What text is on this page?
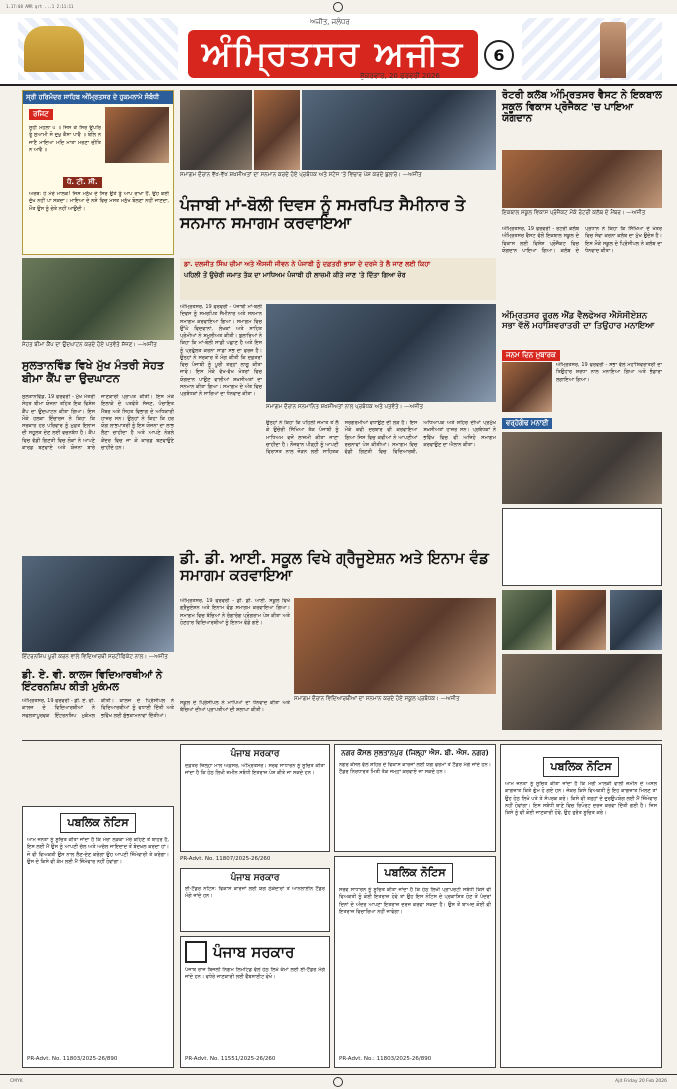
1.17:08 AMR qrt ...1 2:11:11
ਅਜੀਤ, ਜਲੰਧਰ
ਅੰਮ੍ਰਿਤਸਰ ਅਜੀਤ
ਸ਼ੁੱਕਰਵਾਰ, 20 ਫਰਵਰੀ 2026
6
ਸ੍ਰੀ ਹਰਿਮੰਦਰ ਸਾਹਿਬ ਅੰਮ੍ਰਿਤਸਰ ਦੇ ਹੁਕਮਨਾਮੇ ਸੰਬੰਧੀ
ਰਜਿਟ
ਸੂਹੀ ਮਹਲਾ ੫ ॥ ਜਿਸ ਕੇ ਸਿਰ ਊਪਰਿ ਤੂੰ ਸੁਆਮੀ ਸੋ ਦੁਖੁ ਕੈਸਾ ਪਾਵੈ ॥ ਬੋਲਿ ਨ ਜਾਣੈ ਮਾਇਆ ਮਦਿ ਮਾਤਾ ਮਰਣਾ ਚੀਤਿ ਨ ਆਵੈ ॥
ਧੋ. ਟੀ. ਸੀ.
ਅਰਥ: ਹੇ ਮੇਰੇ ਮਾਲਕ! ਜਿਸ ਮਨੁੱਖ ਦੇ ਸਿਰ ਉਤੇ ਤੂੰ ਆਪ ਰਾਖਾ ਹੈਂ, ਉਹ ਕੋਈ ਦੁੱਖ ਨਹੀਂ ਪਾ ਸਕਦਾ। ਮਾਇਆ ਦੇ ਨਸ਼ੇ ਵਿਚ ਮਸਤ ਮਨੁੱਖ ਬੋਲਣਾ ਨਹੀਂ ਜਾਣਦਾ, ਮੌਤ ਉਸ ਨੂੰ ਚੇਤੇ ਨਹੀਂ ਆਉਂਦੀ।
ਸੇਹਤ ਬੀਮਾ ਕੈਂਪ ਦਾ ਉਦਘਾਟਨ ਕਰਦੇ ਹੋਏ ਪਤਵੰਤੇ ਸੱਜਣ। —ਅਜੀਤ
ਸੁਲਤਾਨਵਿੰਡ ਵਿਖੇ ਮੁੱਖ ਮੰਤਰੀ ਸੇਹਤ ਬੀਮਾ ਕੈਂਪ ਦਾ ਉਦਘਾਟਨ
ਸੁਲਤਾਨਵਿੰਡ, 19 ਫਰਵਰੀ - ਮੁੱਖ ਮੰਤਰੀ ਸੇਹਤ ਬੀਮਾ ਯੋਜਨਾ ਤਹਿਤ ਇਕ ਵਿਸ਼ੇਸ਼ ਕੈਂਪ ਦਾ ਉਦਘਾਟਨ ਕੀਤਾ ਗਿਆ। ਇਸ ਮੌਕੇ ਹਲਕਾ ਇੰਚਾਰਜ ਨੇ ਕਿਹਾ ਕਿ ਸਰਕਾਰ ਹਰ ਪਰਿਵਾਰ ਨੂੰ ਮੁਫ਼ਤ ਇਲਾਜ ਦੀ ਸਹੂਲਤ ਦੇਣ ਲਈ ਵਚਨਬੱਧ ਹੈ। ਕੈਂਪ ਵਿਚ ਵੱਡੀ ਗਿਣਤੀ ਵਿਚ ਲੋਕਾਂ ਨੇ ਆਪਣੇ ਕਾਰਡ ਬਣਵਾਏ ਅਤੇ ਯੋਜਨਾ ਬਾਰੇ ਜਾਣਕਾਰੀ ਪ੍ਰਾਪਤ ਕੀਤੀ। ਇਸ ਮੌਕੇ ਇਲਾਕੇ ਦੇ ਪਤਵੰਤੇ ਸੱਜਣ, ਪੰਚਾਇਤ ਮੈਂਬਰ ਅਤੇ ਸਿਹਤ ਵਿਭਾਗ ਦੇ ਅਧਿਕਾਰੀ ਹਾਜ਼ਰ ਸਨ। ਉਨ੍ਹਾਂ ਨੇ ਕਿਹਾ ਕਿ ਹਰ ਯੋਗ ਲਾਭਪਾਤਰੀ ਨੂੰ ਇਸ ਯੋਜਨਾ ਦਾ ਲਾਭ ਲੈਣਾ ਚਾਹੀਦਾ ਹੈ ਅਤੇ ਆਪਣੇ ਨੇੜਲੇ ਕੇਂਦਰ ਵਿਚ ਜਾ ਕੇ ਕਾਰਡ ਬਣਵਾਉਣੇ ਚਾਹੀਦੇ ਹਨ।
ਸਮਾਗਮ ਦੌਰਾਨ ਵੱਖ-ਵੱਖ ਸ਼ਖ਼ਸੀਅਤਾਂ ਦਾ ਸਨਮਾਨ ਕਰਦੇ ਹੋਏ ਪ੍ਰਬੰਧਕ ਅਤੇ ਸਟੇਜ 'ਤੇ ਵਿਚਾਰ ਪੇਸ਼ ਕਰਦੇ ਬੁਲਾਰੇ। —ਅਜੀਤ
ਪੰਜਾਬੀ ਮਾਂ-ਬੋਲੀ ਦਿਵਸ ਨੂੰ ਸਮਰਪਿਤ ਸੈਮੀਨਾਰ ਤੇ ਸਨਮਾਨ ਸਮਾਗਮ ਕਰਵਾਇਆ
ਡਾ. ਦਲਜੀਤ ਸਿੰਘ ਚੀਮਾ ਅਤੇ ਐਸਜੀ ਜੀਵਨ ਨੇ ਪੰਜਾਬੀ ਨੂੰ ਦਫ਼ਤਰੀ ਭਾਸ਼ਾ ਦੇ ਦਰਜੇ ਤੇ ਲੈ ਜਾਣ ਲਈ ਕਿਹਾ
ਪਹਿਲੀ ਤੋਂ ਉਚੇਰੀ ਜਮਾਤ ਤੱਕ ਦਾ ਮਾਧਿਅਮ ਪੰਜਾਬੀ ਹੀ ਲਾਜ਼ਮੀ ਕੀਤੇ ਜਾਣ 'ਤੇ ਦਿੱਤਾ ਗਿਆ ਜ਼ੋਰ
ਅੰਮ੍ਰਿਤਸਰ, 19 ਫਰਵਰੀ - ਪੰਜਾਬੀ ਮਾਂ-ਬੋਲੀ ਦਿਵਸ ਨੂੰ ਸਮਰਪਿਤ ਸੈਮੀਨਾਰ ਅਤੇ ਸਨਮਾਨ ਸਮਾਗਮ ਕਰਵਾਇਆ ਗਿਆ। ਸਮਾਗਮ ਵਿਚ ਉੱਘੇ ਵਿਦਵਾਨਾਂ, ਲੇਖਕਾਂ ਅਤੇ ਸਾਹਿਤ ਪ੍ਰੇਮੀਆਂ ਨੇ ਸ਼ਮੂਲੀਅਤ ਕੀਤੀ। ਬੁਲਾਰਿਆਂ ਨੇ ਕਿਹਾ ਕਿ ਮਾਂ-ਬੋਲੀ ਸਾਡੀ ਪਛਾਣ ਹੈ ਅਤੇ ਇਸ ਨੂੰ ਪ੍ਰਫੁੱਲਤ ਕਰਨਾ ਸਾਡਾ ਸਭ ਦਾ ਫਰਜ਼ ਹੈ। ਉਨ੍ਹਾਂ ਨੇ ਸਰਕਾਰ ਤੋਂ ਮੰਗ ਕੀਤੀ ਕਿ ਦਫ਼ਤਰਾਂ ਵਿਚ ਪੰਜਾਬੀ ਨੂੰ ਪੂਰੀ ਤਰ੍ਹਾਂ ਲਾਗੂ ਕੀਤਾ ਜਾਵੇ। ਇਸ ਮੌਕੇ ਵੱਖ-ਵੱਖ ਖੇਤਰਾਂ ਵਿਚ ਯੋਗਦਾਨ ਪਾਉਣ ਵਾਲੀਆਂ ਸ਼ਖ਼ਸੀਅਤਾਂ ਦਾ ਸਨਮਾਨ ਕੀਤਾ ਗਿਆ। ਸਮਾਗਮ ਦੇ ਅੰਤ ਵਿਚ ਪ੍ਰਬੰਧਕਾਂ ਨੇ ਸਾਰਿਆਂ ਦਾ ਧੰਨਵਾਦ ਕੀਤਾ।
ਸਮਾਗਮ ਦੌਰਾਨ ਸਨਮਾਨਿਤ ਸ਼ਖ਼ਸੀਅਤਾਂ ਨਾਲ ਪ੍ਰਬੰਧਕ ਅਤੇ ਪਤਵੰਤੇ। —ਅਜੀਤ
ਉਨ੍ਹਾਂ ਨੇ ਕਿਹਾ ਕਿ ਪਹਿਲੀ ਜਮਾਤ ਤੋਂ ਲੈ ਕੇ ਉਚੇਰੀ ਸਿੱਖਿਆ ਤੱਕ ਪੰਜਾਬੀ ਨੂੰ ਮਾਧਿਅਮ ਵਜੋਂ ਲਾਜ਼ਮੀ ਕੀਤਾ ਜਾਣਾ ਚਾਹੀਦਾ ਹੈ। ਨੌਜਵਾਨ ਪੀੜ੍ਹੀ ਨੂੰ ਆਪਣੀ ਵਿਰਾਸਤ ਨਾਲ ਜੋੜਨ ਲਈ ਸਾਹਿਤਕ ਸਰਗਰਮੀਆਂ ਵਧਾਉਣ ਦੀ ਲੋੜ ਹੈ। ਇਸ ਮੌਕੇ ਕਵੀ ਦਰਬਾਰ ਵੀ ਕਰਵਾਇਆ ਗਿਆ ਜਿਸ ਵਿਚ ਕਵੀਆਂ ਨੇ ਆਪਣੀਆਂ ਰਚਨਾਵਾਂ ਪੇਸ਼ ਕੀਤੀਆਂ। ਸਮਾਗਮ ਵਿਚ ਵੱਡੀ ਗਿਣਤੀ ਵਿਚ ਵਿਦਿਆਰਥੀ, ਅਧਿਆਪਕ ਅਤੇ ਸ਼ਹਿਰ ਦੀਆਂ ਪ੍ਰਮੁੱਖ ਸ਼ਖ਼ਸੀਅਤਾਂ ਹਾਜ਼ਰ ਸਨ। ਪ੍ਰਬੰਧਕਾਂ ਨੇ ਭਵਿੱਖ ਵਿਚ ਵੀ ਅਜਿਹੇ ਸਮਾਗਮ ਕਰਵਾਉਣ ਦਾ ਐਲਾਨ ਕੀਤਾ।
ਰੋਟਰੀ ਕਲੱਬ ਅੰਮ੍ਰਿਤਸਰ ਵੈਸਟ ਨੇ ਇਕਬਾਲ ਸਕੂਲ ਵਿਕਾਸ ਪ੍ਰੋਜੈਕਟ 'ਚ ਪਾਇਆ ਯੋਗਦਾਨ
ਇਕਬਾਲ ਸਕੂਲ ਵਿਕਾਸ ਪ੍ਰੋਜੈਕਟ ਮੌਕੇ ਰੋਟਰੀ ਕਲੱਬ ਦੇ ਮੈਂਬਰ। —ਅਜੀਤ
ਅੰਮ੍ਰਿਤਸਰ, 19 ਫਰਵਰੀ - ਰੋਟਰੀ ਕਲੱਬ ਅੰਮ੍ਰਿਤਸਰ ਵੈਸਟ ਵੱਲੋਂ ਇਕਬਾਲ ਸਕੂਲ ਦੇ ਵਿਕਾਸ ਲਈ ਵਿਸ਼ੇਸ਼ ਪ੍ਰੋਜੈਕਟ ਵਿਚ ਯੋਗਦਾਨ ਪਾਇਆ ਗਿਆ। ਕਲੱਬ ਦੇ ਪ੍ਰਧਾਨ ਨੇ ਕਿਹਾ ਕਿ ਸਿੱਖਿਆ ਦੇ ਖੇਤਰ ਵਿਚ ਸੇਵਾ ਕਰਨਾ ਕਲੱਬ ਦਾ ਮੁੱਖ ਉਦੇਸ਼ ਹੈ। ਇਸ ਮੌਕੇ ਸਕੂਲ ਦੇ ਪ੍ਰਿੰਸੀਪਲ ਨੇ ਕਲੱਬ ਦਾ ਧੰਨਵਾਦ ਕੀਤਾ।
ਅੰਮ੍ਰਿਤਸਰ ਰੂਰਲ ਐਂਡ ਵੈਲਫੇਅਰ ਐਸੋਸੀਏਸ਼ਨ ਸਭਾ ਵੱਲੋਂ ਮਹਾਂਸ਼ਿਵਰਾਤਰੀ ਦਾ ਤਿਉਹਾਰ ਮਨਾਇਆ
ਜਨਮ ਦਿਨ ਮੁਬਾਰਕ
ਅੰਮ੍ਰਿਤਸਰ, 19 ਫਰਵਰੀ - ਸਭਾ ਵੱਲੋਂ ਮਹਾਂਸ਼ਿਵਰਾਤਰੀ ਦਾ ਤਿਉਹਾਰ ਸ਼ਰਧਾ ਨਾਲ ਮਨਾਇਆ ਗਿਆ ਅਤੇ ਭੰਡਾਰਾ ਲਗਾਇਆ ਗਿਆ।
ਵਰ੍ਹੇਗੰਢ ਮਨਾਈ
ਡੀ. ਡੀ. ਆਈ. ਸਕੂਲ ਵਿਖੇ ਗ੍ਰੈਜੂਏਸ਼ਨ ਅਤੇ ਇਨਾਮ ਵੰਡ ਸਮਾਗਮ ਕਰਵਾਇਆ
ਅੰਮ੍ਰਿਤਸਰ, 19 ਫਰਵਰੀ - ਡੀ. ਡੀ. ਆਈ. ਸਕੂਲ ਵਿਖੇ ਗ੍ਰੈਜੂਏਸ਼ਨ ਅਤੇ ਇਨਾਮ ਵੰਡ ਸਮਾਗਮ ਕਰਵਾਇਆ ਗਿਆ। ਸਮਾਗਮ ਵਿਚ ਬੱਚਿਆਂ ਨੇ ਰੰਗਾਰੰਗ ਪ੍ਰੋਗਰਾਮ ਪੇਸ਼ ਕੀਤਾ ਅਤੇ ਹੋਣਹਾਰ ਵਿਦਿਆਰਥੀਆਂ ਨੂੰ ਇਨਾਮ ਵੰਡੇ ਗਏ।
ਸਮਾਗਮ ਦੌਰਾਨ ਵਿਦਿਆਰਥੀਆਂ ਦਾ ਸਨਮਾਨ ਕਰਦੇ ਹੋਏ ਸਕੂਲ ਪ੍ਰਬੰਧਕ। —ਅਜੀਤ
ਇੰਟਰਨਸ਼ਿਪ ਪੂਰੀ ਕਰਨ ਵਾਲੇ ਵਿਦਿਆਰਥੀ ਸਰਟੀਫਿਕੇਟ ਨਾਲ। —ਅਜੀਤ
ਡੀ. ਏ. ਵੀ. ਕਾਲਜ ਵਿਦਿਆਰਥੀਆਂ ਨੇ ਇੰਟਰਨਸ਼ਿਪ ਕੀਤੀ ਮੁਕੰਮਲ
ਅੰਮ੍ਰਿਤਸਰ, 19 ਫਰਵਰੀ - ਡੀ. ਏ. ਵੀ. ਕਾਲਜ ਦੇ ਵਿਦਿਆਰਥੀਆਂ ਨੇ ਸਫਲਤਾਪੂਰਵਕ ਇੰਟਰਨਸ਼ਿਪ ਮੁਕੰਮਲ ਕੀਤੀ। ਕਾਲਜ ਦੇ ਪ੍ਰਿੰਸੀਪਲ ਨੇ ਵਿਦਿਆਰਥੀਆਂ ਨੂੰ ਵਧਾਈ ਦਿੱਤੀ ਅਤੇ ਭਵਿੱਖ ਲਈ ਸ਼ੁੱਭਕਾਮਨਾਵਾਂ ਦਿੱਤੀਆਂ।
ਸਕੂਲ ਦੇ ਪ੍ਰਿੰਸੀਪਲ ਨੇ ਮਾਪਿਆਂ ਦਾ ਧੰਨਵਾਦ ਕੀਤਾ ਅਤੇ ਬੱਚਿਆਂ ਦੀਆਂ ਪ੍ਰਾਪਤੀਆਂ ਦੀ ਸ਼ਲਾਘਾ ਕੀਤੀ।
ਪਬਲਿਕ ਨੋਟਿਸ
ਆਮ ਜਨਤਾ ਨੂੰ ਸੂਚਿਤ ਕੀਤਾ ਜਾਂਦਾ ਹੈ ਕਿ ਮੇਰਾ ਲੜਕਾ ਮੇਰੇ ਕਹਿਣੇ ਤੋਂ ਬਾਹਰ ਹੈ, ਇਸ ਲਈ ਮੈਂ ਉਸ ਨੂੰ ਆਪਣੀ ਚੱਲ ਅਤੇ ਅਚੱਲ ਜਾਇਦਾਦ ਤੋਂ ਬੇਦਖ਼ਲ ਕਰਦਾ ਹਾਂ। ਜੋ ਵੀ ਵਿਅਕਤੀ ਉਸ ਨਾਲ ਲੈਣ-ਦੇਣ ਕਰੇਗਾ ਉਹ ਆਪਣੀ ਜ਼ਿੰਮੇਵਾਰੀ ਤੇ ਕਰੇਗਾ। ਉਸ ਦੇ ਕਿਸੇ ਵੀ ਕੰਮ ਲਈ ਮੈਂ ਜ਼ਿੰਮੇਵਾਰ ਨਹੀਂ ਹੋਵਾਂਗਾ।
PR-Advt. No. 11803/2025-26/890
ਪੰਜਾਬ ਸਰਕਾਰ
ਦਫ਼ਤਰ ਜ਼ਿਲ੍ਹਾ ਮਾਲ ਅਫ਼ਸਰ, ਅੰਮ੍ਰਿਤਸਰ। ਸਰਵ ਸਾਧਾਰਨ ਨੂੰ ਸੂਚਿਤ ਕੀਤਾ ਜਾਂਦਾ ਹੈ ਕਿ ਹੇਠ ਲਿਖੀ ਜ਼ਮੀਨ ਸਬੰਧੀ ਇਤਰਾਜ਼ ਪੇਸ਼ ਕੀਤੇ ਜਾ ਸਕਦੇ ਹਨ।
PR-Advt. No. 11807/2025-26/260
ਪੰਜਾਬ ਸਰਕਾਰ
ਈ-ਟੈਂਡਰ ਨੋਟਿਸ: ਵਿਕਾਸ ਕਾਰਜਾਂ ਲਈ ਯੋਗ ਠੇਕੇਦਾਰਾਂ ਤੋਂ ਆਨਲਾਈਨ ਟੈਂਡਰ ਮੰਗੇ ਜਾਂਦੇ ਹਨ।
ਪੰਜਾਬ ਸਰਕਾਰ
ਪੰਜਾਬ ਰਾਜ ਬਿਜਲੀ ਨਿਗਮ ਲਿਮਟਿਡ ਵੱਲੋਂ ਹੇਠ ਲਿਖੇ ਕੰਮਾਂ ਲਈ ਈ-ਟੈਂਡਰ ਮੰਗੇ ਜਾਂਦੇ ਹਨ। ਵਧੇਰੇ ਜਾਣਕਾਰੀ ਲਈ ਵੈੱਬਸਾਈਟ ਵੇਖੋ।
PR-Advt. No. 11551/2025-26/260
ਨਗਰ ਕੌਂਸਲ ਸੁਲਤਾਨਪੁਰ (ਜਿਲ੍ਹਾ ਐਸ. ਬੀ. ਐਸ. ਨਗਰ)
ਨਗਰ ਕੌਂਸਲ ਵੱਲੋਂ ਸ਼ਹਿਰ ਦੇ ਵਿਕਾਸ ਕਾਰਜਾਂ ਲਈ ਯੋਗ ਫਰਮਾਂ ਤੋਂ ਟੈਂਡਰ ਮੰਗੇ ਜਾਂਦੇ ਹਨ। ਟੈਂਡਰ ਨਿਰਧਾਰਤ ਮਿਤੀ ਤੱਕ ਜਮ੍ਹਾਂ ਕਰਵਾਏ ਜਾ ਸਕਦੇ ਹਨ।
ਪਬਲਿਕ ਨੋਟਿਸ
ਸਰਵ ਸਾਧਾਰਨ ਨੂੰ ਸੂਚਿਤ ਕੀਤਾ ਜਾਂਦਾ ਹੈ ਕਿ ਹੇਠ ਲਿਖੀ ਪ੍ਰਾਪਰਟੀ ਸਬੰਧੀ ਕਿਸੇ ਵੀ ਵਿਅਕਤੀ ਨੂੰ ਕੋਈ ਇਤਰਾਜ਼ ਹੋਵੇ ਤਾਂ ਉਹ ਇਸ ਨੋਟਿਸ ਦੇ ਪ੍ਰਕਾਸ਼ਿਤ ਹੋਣ ਤੋਂ ਪੰਦਰਾਂ ਦਿਨਾਂ ਦੇ ਅੰਦਰ ਆਪਣਾ ਇਤਰਾਜ਼ ਦਰਜ ਕਰਵਾ ਸਕਦਾ ਹੈ। ਉਸ ਤੋਂ ਬਾਅਦ ਕੋਈ ਵੀ ਇਤਰਾਜ਼ ਵਿਚਾਰਿਆ ਨਹੀਂ ਜਾਵੇਗਾ।
PR-Advt. No.: 11803/2025-26/890
ਪਬਲਿਕ ਨੋਟਿਸ
ਆਮ ਜਨਤਾ ਨੂੰ ਸੂਚਿਤ ਕੀਤਾ ਜਾਂਦਾ ਹੈ ਕਿ ਮੇਰੀ ਮਾਲਕੀ ਵਾਲੀ ਜ਼ਮੀਨ ਦੇ ਅਸਲ ਕਾਗਜ਼ਾਤ ਕਿਤੇ ਗੁੰਮ ਹੋ ਗਏ ਹਨ। ਜੇਕਰ ਕਿਸੇ ਵਿਅਕਤੀ ਨੂੰ ਇਹ ਕਾਗਜ਼ਾਤ ਮਿਲਣ ਤਾਂ ਉਹ ਹੇਠ ਲਿਖੇ ਪਤੇ ਤੇ ਸੰਪਰਕ ਕਰੇ। ਕਿਸੇ ਵੀ ਤਰ੍ਹਾਂ ਦੇ ਦੁਰਉਪਯੋਗ ਲਈ ਮੈਂ ਜ਼ਿੰਮੇਵਾਰ ਨਹੀਂ ਹੋਵਾਂਗਾ। ਇਸ ਸਬੰਧੀ ਥਾਣੇ ਵਿਚ ਰਿਪੋਰਟ ਦਰਜ ਕਰਵਾ ਦਿੱਤੀ ਗਈ ਹੈ। ਜਿਸ ਕਿਸੇ ਨੂੰ ਵੀ ਕੋਈ ਜਾਣਕਾਰੀ ਹੋਵੇ, ਉਹ ਤੁਰੰਤ ਸੂਚਿਤ ਕਰੇ।
CMYK	Ajit Friday 20 Feb 2026
